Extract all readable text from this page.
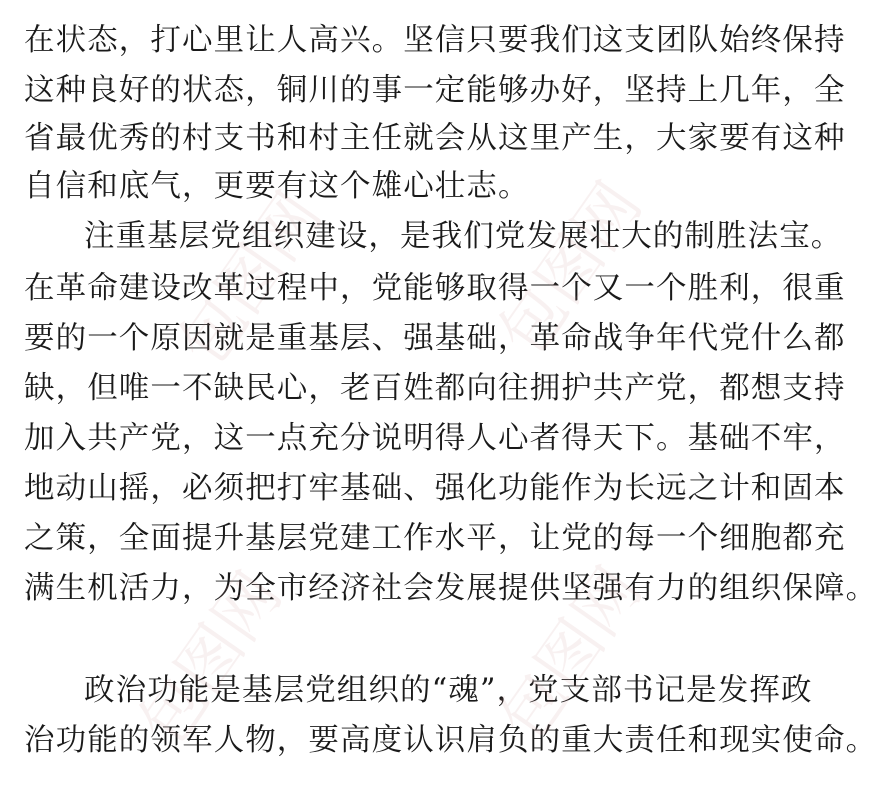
在状态，打心里让人高兴。坚信只要我们这支团队始终保持
这种良好的状态，铜川的事一定能够办好，坚持上几年，全
省最优秀的村支书和村主任就会从这里产生，大家要有这种
自信和底气，更要有这个雄心壮志。
注重基层党组织建设，是我们党发展壮大的制胜法宝。
在革命建设改革过程中，党能够取得一个又一个胜利，很重
要的一个原因就是重基层、强基础，革命战争年代党什么都
缺，但唯一不缺民心，老百姓都向往拥护共产党，都想支持
加入共产党，这一点充分说明得人心者得天下。基础不牢，
地动山摇，必须把打牢基础、强化功能作为长远之计和固本
之策，全面提升基层党建工作水平，让党的每一个细胞都充
满生机活力，为全市经济社会发展提供坚强有力的组织保障。
政治功能是基层党组织的“魂”，党支部书记是发挥政
治功能的领军人物，要高度认识肩负的重大责任和现实使命。
包图网 包图网
包图网	包图网
